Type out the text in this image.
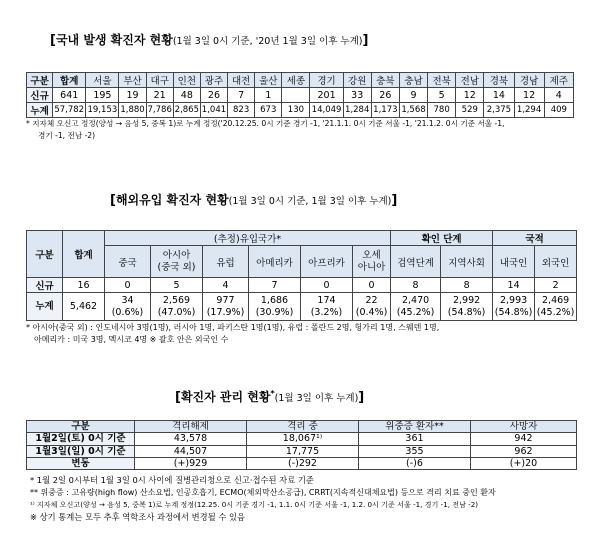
[국내 발생 확진자 현황(1월 3일 0시 기준, '20년 1월 3일 이후 누계)]
구분	합계	서울	부산	대구	인천	광주	대전	울산	세종	경기	강원	충북	충남	전북	전남	경북	경남	제주
신규	641	195	19	21	48	26	7	1		201	33	26	9	5	12	14	12	4
누계	57,782	19,153	1,880	7,786	2,865	1,041	823	673	130	14,049	1,284	1,173	1,568	780	529	2,375	1,294	409
* 지자체 오신고 정정(양성 → 음성 5, 중복 1)로 누계 정정('20.12.25. 0시 기준 경기 -1, '21.1.1. 0시 기준 서울 -1, '21.1.2. 0시 기준 서울 -1,
경기 -1, 전남 -2)
[해외유입 확진자 현황(1월 3일 0시 기준, 1월 3일 이후 누계)]
구분	합계	(추정)유입국가*						확인 단계		국적	
		중국	아시아
(중국 외)	유럽	아메리카	아프리카	오세
아니아	검역단계	지역사회	내국인	외국인
신규	16	0	5	4	7	0	0	8	8	14	2
누계	5,462	34
(0.6%)	2,569
(47.0%)	977
(17.9%)	1,686
(30.9%)	174
(3.2%)	22
(0.4%)	2,470
(45.2%)	2,992
(54.8%)	2,993
(54.8%)	2,469
(45.2%)
* 아시아(중국 외) : 인도네시아 3명(1명), 러시아 1명, 파키스탄 1명(1명), 유럽 : 폴란드 2명, 헝가리 1명, 스웨덴 1명,
아메리카 : 미국 3명, 멕시코 4명 ※ 괄호 안은 외국인 수
[확진자 관리 현황*(1월 3일 이후 누계)]
구분	격리해제	격리 중	위중증 환자**	사망자
1월2일(토) 0시 기준	43,578	18,067¹⁾	361	942
1월3일(일) 0시 기준	44,507	17,775	355	962
변동	(+)929	(-)292	(-)6	(+)20
* 1월 2일 0시부터 1월 3일 0시 사이에 질병관리청으로 신고·접수된 자료 기준
** 위중증 : 고유량(high flow) 산소요법, 인공호흡기, ECMO(체외막산소공급), CRRT(지속적신대체요법) 등으로 격리 치료 중인 환자
¹⁾ 지자체 오신고(양성 → 음성 5, 중복 1)로 누계 정정(12.25. 0시 기준 경기 -1, 1.1. 0시 기준 서울 -1, 1.2. 0시 기준 서울 -1, 경기 -1, 전남 -2)
※ 상기 통계는 모두 추후 역학조사 과정에서 변경될 수 있음
